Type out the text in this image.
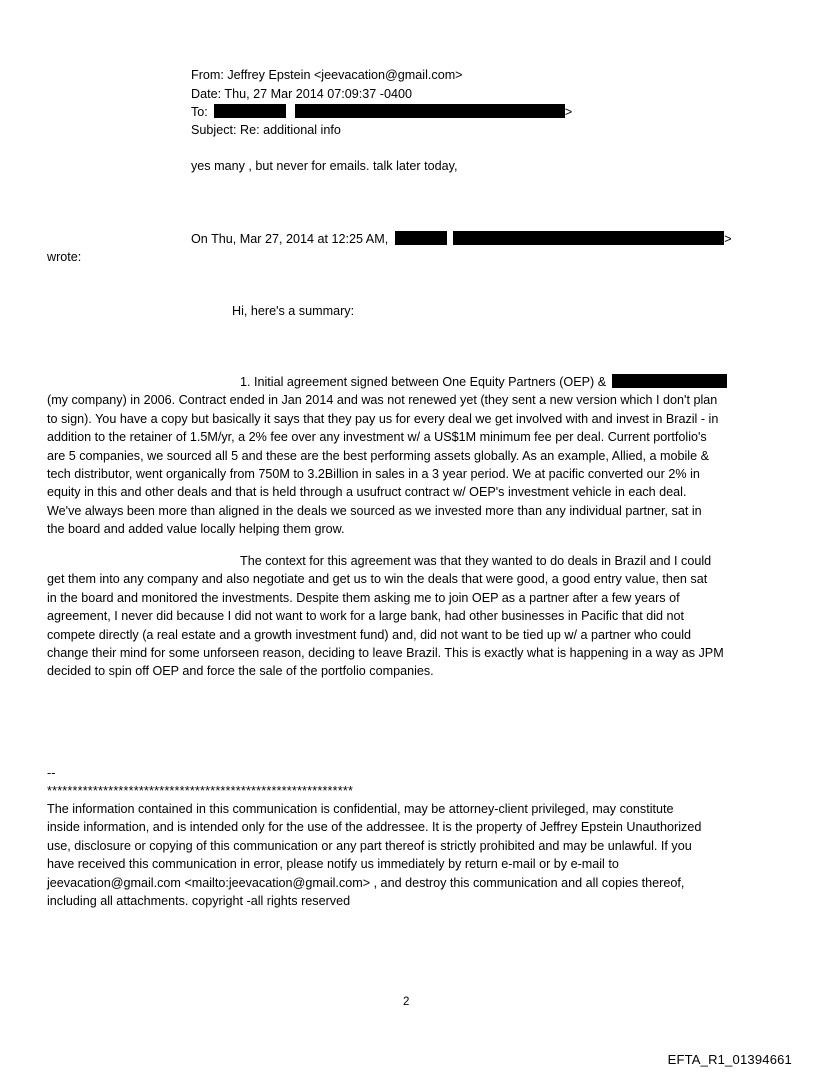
From: Jeffrey Epstein <jeevacation@gmail.com>
Date: Thu, 27 Mar 2014 07:09:37 -0400
To:	>
Subject: Re: additional info
yes many , but never for emails. talk later today,
On Thu, Mar 27, 2014 at 12:25 AM,	>
wrote:
Hi, here's a summary:
1. Initial agreement signed between One Equity Partners (OEP) &
(my company) in 2006. Contract ended in Jan 2014 and was not renewed yet (they sent a new version which I don't plan
to sign). You have a copy but basically it says that they pay us for every deal we get involved with and invest in Brazil - in
addition to the retainer of 1.5M/yr, a 2% fee over any investment w/ a US$1M minimum fee per deal. Current portfolio's
are 5 companies, we sourced all 5 and these are the best performing assets globally. As an example, Allied, a mobile &
tech distributor, went organically from 750M to 3.2Billion in sales in a 3 year period. We at pacific converted our 2% in
equity in this and other deals and that is held through a usufruct contract w/ OEP's investment vehicle in each deal.
We've always been more than aligned in the deals we sourced as we invested more than any individual partner, sat in
the board and added value locally helping them grow.
The context for this agreement was that they wanted to do deals in Brazil and I could
get them into any company and also negotiate and get us to win the deals that were good, a good entry value, then sat
in the board and monitored the investments. Despite them asking me to join OEP as a partner after a few years of
agreement, I never did because I did not want to work for a large bank, had other businesses in Pacific that did not
compete directly (a real estate and a growth investment fund) and, did not want to be tied up w/ a partner who could
change their mind for some unforseen reason, deciding to leave Brazil. This is exactly what is happening in a way as JPM
decided to spin off OEP and force the sale of the portfolio companies.
--
************************************************************
The information contained in this communication is confidential, may be attorney-client privileged, may constitute
inside information, and is intended only for the use of the addressee. It is the property of Jeffrey Epstein Unauthorized
use, disclosure or copying of this communication or any part thereof is strictly prohibited and may be unlawful. If you
have received this communication in error, please notify us immediately by return e-mail or by e-mail to
jeevacation@gmail.com <mailto:jeevacation@gmail.com> , and destroy this communication and all copies thereof,
including all attachments. copyright -all rights reserved
2
EFTA_R1_01394661
